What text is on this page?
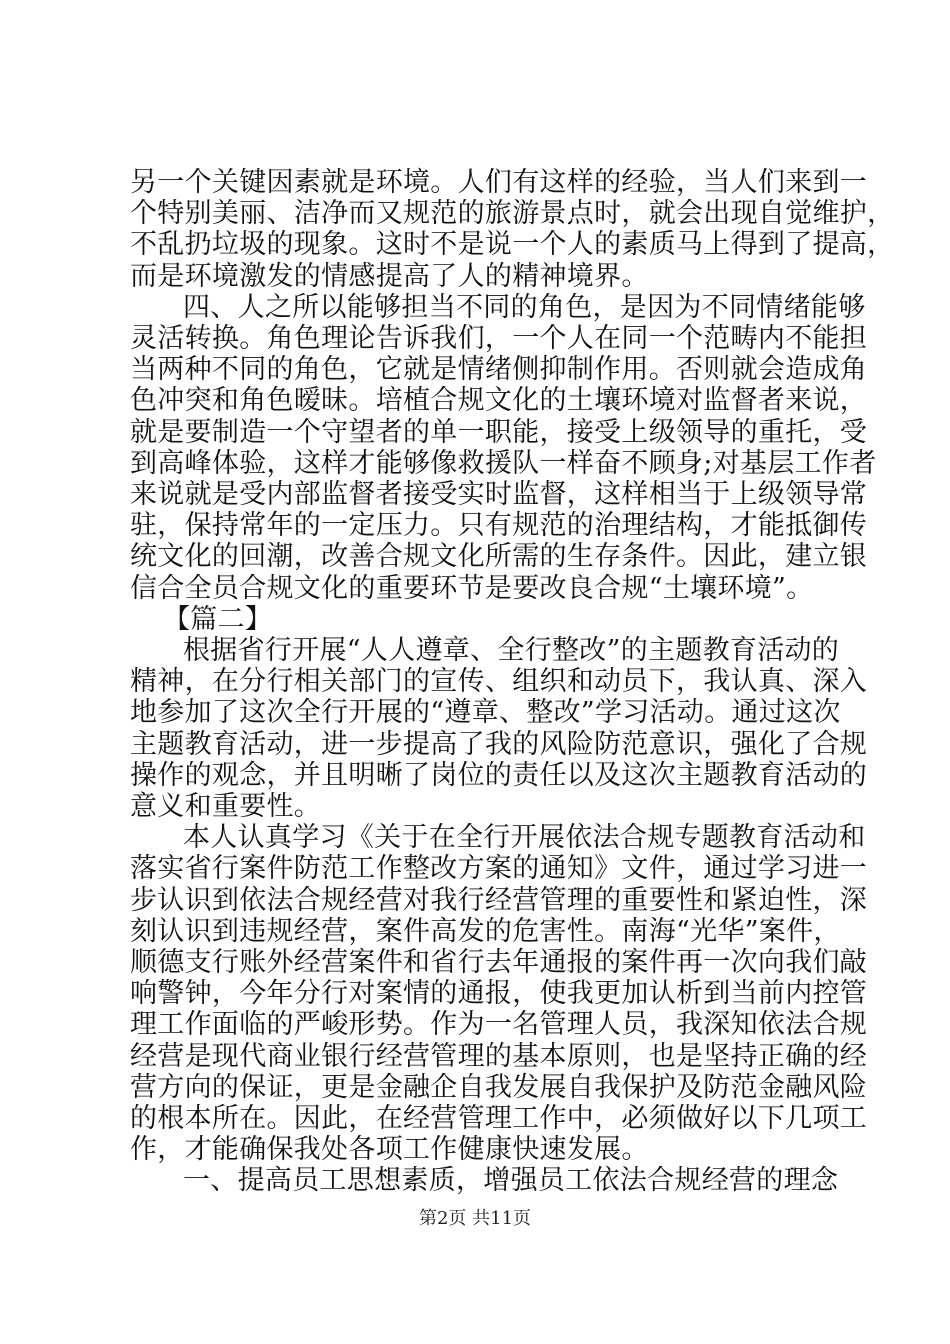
另一个关键因素就是环境。人们有这样的经验，当人们来到一
个特别美丽、洁净而又规范的旅游景点时，就会出现自觉维护，
不乱扔垃圾的现象。这时不是说一个人的素质马上得到了提高，
而是环境激发的情感提高了人的精神境界。
四、人之所以能够担当不同的角色，是因为不同情绪能够
灵活转换。角色理论告诉我们，一个人在同一个范畴内不能担
当两种不同的角色，它就是情绪侧抑制作用。否则就会造成角
色冲突和角色暧昧。培植合规文化的土壤环境对监督者来说，
就是要制造一个守望者的单一职能，接受上级领导的重托，受
到高峰体验，这样才能够像救援队一样奋不顾身;对基层工作者
来说就是受内部监督者接受实时监督，这样相当于上级领导常
驻，保持常年的一定压力。只有规范的治理结构，才能抵御传
统文化的回潮，改善合规文化所需的生存条件。因此，建立银
信合全员合规文化的重要环节是要改良合规“土壤环境”。
【篇二】
根据省行开展“人人遵章、全行整改”的主题教育活动的
精神，在分行相关部门的宣传、组织和动员下，我认真、深入
地参加了这次全行开展的“遵章、整改”学习活动。通过这次
主题教育活动，进一步提高了我的风险防范意识，强化了合规
操作的观念，并且明晰了岗位的责任以及这次主题教育活动的
意义和重要性。
本人认真学习《关于在全行开展依法合规专题教育活动和
落实省行案件防范工作整改方案的通知》文件，通过学习进一
步认识到依法合规经营对我行经营管理的重要性和紧迫性，深
刻认识到违规经营，案件高发的危害性。南海“光华”案件，
顺德支行账外经营案件和省行去年通报的案件再一次向我们敲
响警钟，今年分行对案情的通报，使我更加认析到当前内控管
理工作面临的严峻形势。作为一名管理人员，我深知依法合规
经营是现代商业银行经营管理的基本原则，也是坚持正确的经
营方向的保证，更是金融企自我发展自我保护及防范金融风险
的根本所在。因此，在经营管理工作中，必须做好以下几项工
作，才能确保我处各项工作健康快速发展。
一、提高员工思想素质，增强员工依法合规经营的理念
第2页 共11页
